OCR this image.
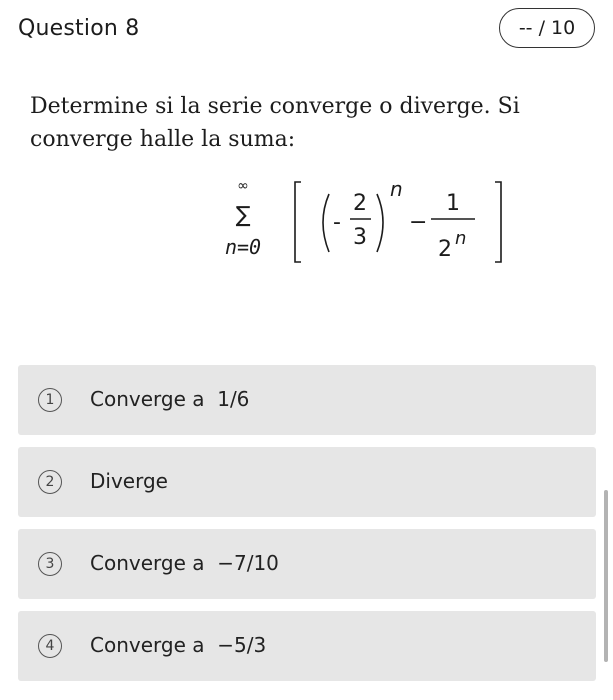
Question 8	-- / 10
Determine si la serie converge o diverge. Si
converge halle la suma:
∞
∑
n=0
-
2
3
n
−
1
2 n
1	Converge a  1/6
2	Diverge
3	Converge a  −7/10
4	Converge a  −5/3
